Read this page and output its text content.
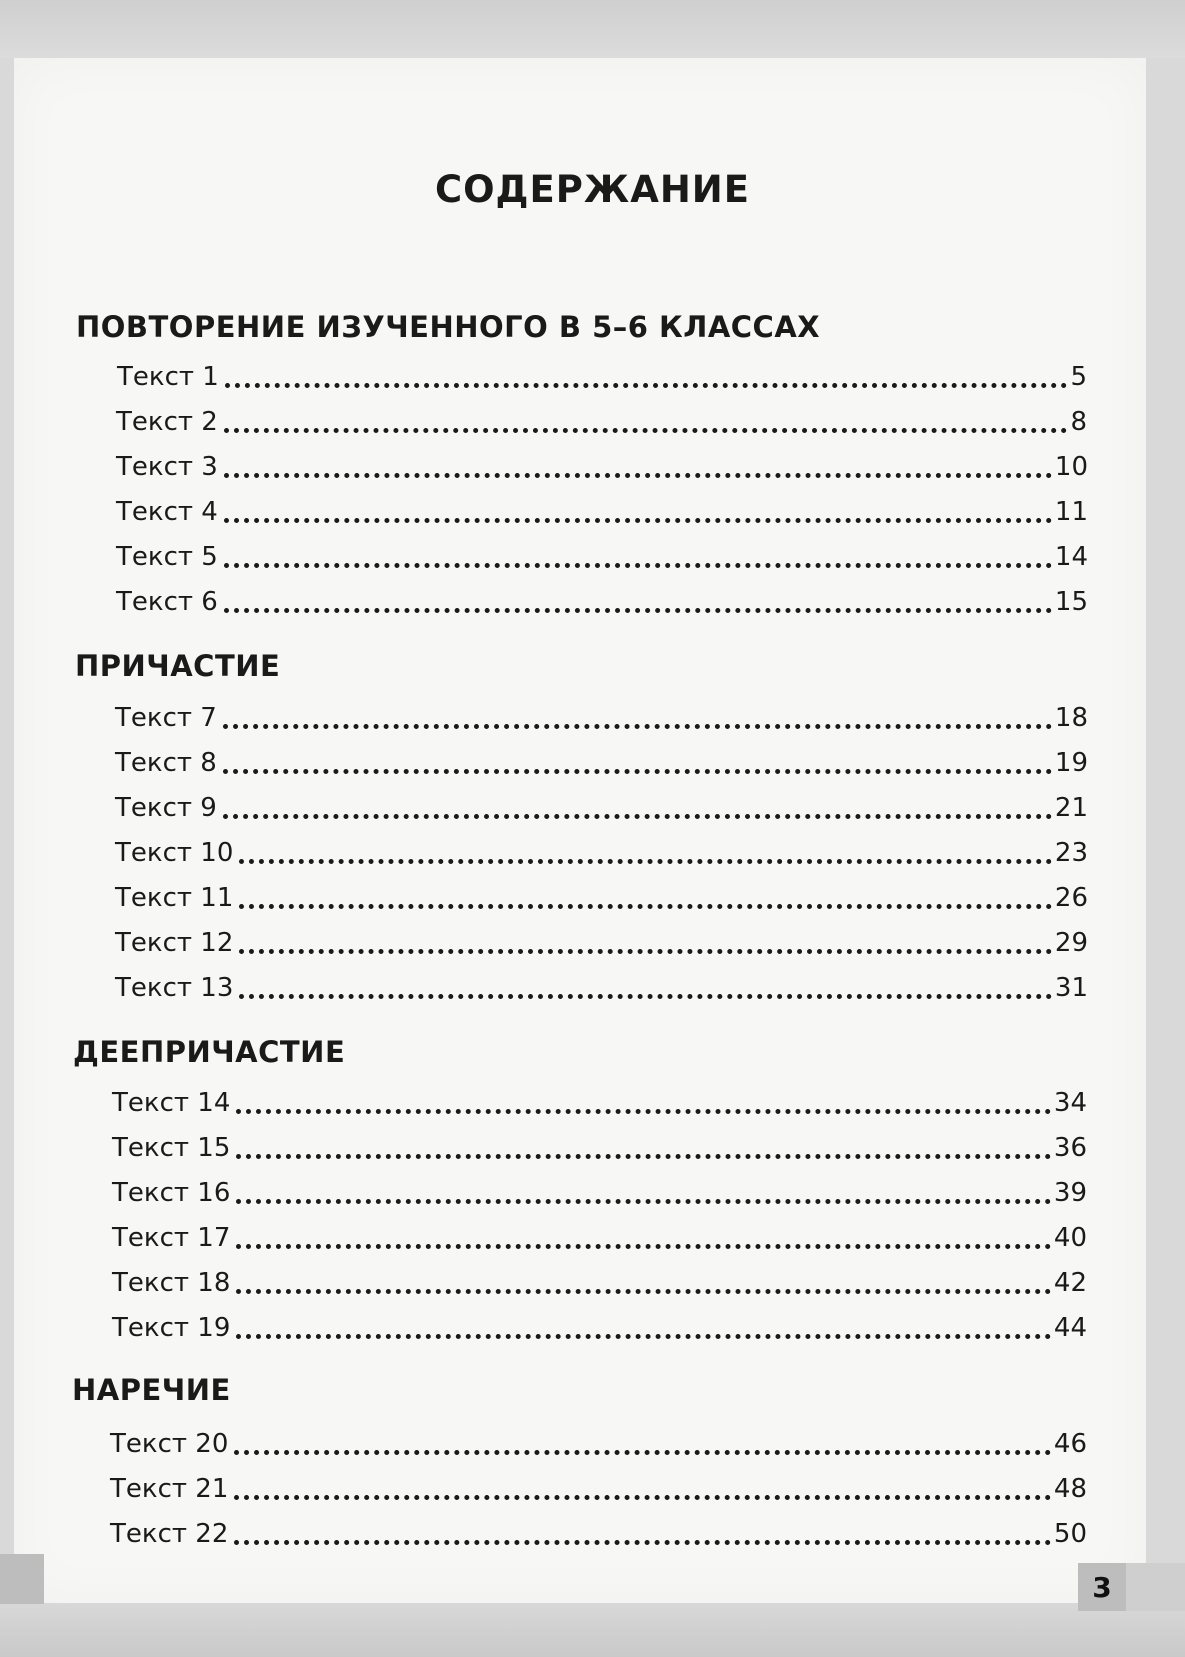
СОДЕРЖАНИЕ
ПОВТОРЕНИЕ ИЗУЧЕННОГО В 5–6 КЛАССАХ
Текст 1	5
Текст 2	8
Текст 3	10
Текст 4	11
Текст 5	14
Текст 6	15
ПРИЧАСТИЕ
Текст 7	18
Текст 8	19
Текст 9	21
Текст 10	23
Текст 11	26
Текст 12	29
Текст 13	31
ДЕЕПРИЧАСТИЕ
Текст 14	34
Текст 15	36
Текст 16	39
Текст 17	40
Текст 18	42
Текст 19	44
НАРЕЧИЕ
Текст 20	46
Текст 21	48
Текст 22	50
3
